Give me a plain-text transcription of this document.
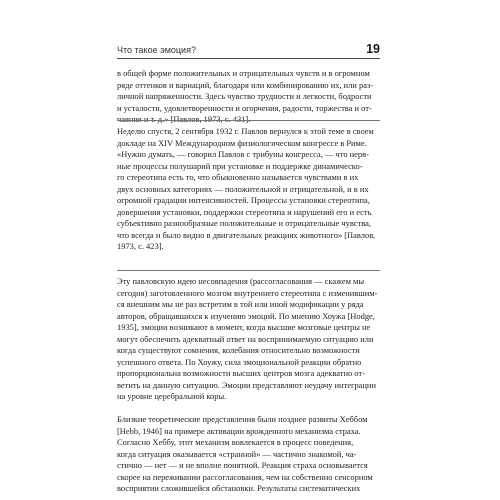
Что такое эмоция?	19
в общей форме положительных и отрицательных чувств и в огромном
ряде оттенков и вариаций, благодаря или комбинированию их, или раз-
личной напряженности. Здесь чувство трудности и легкости, бодрости
и усталости, удовлетворенности и огорчения, радости, торжества и от-
чаяния и т. д.» [Павлов, 1973, с. 431].
Неделю спустя, 2 сентября 1932 г. Павлов вернулся к этой теме в своем
докладе на XIV Международном физиологическом конгрессе в Риме.
«Нужно думать, — говорил Павлов с трибуны конгресса, — что нерв-
ные процессы полушарий при установке и поддержке динамическо-
го стереотипа есть то, что обыкновенно называется чувствами в их
двух основных категориях — положительной и отрицательной, и в их
огромной градации интенсивностей. Процессы установки стереотипа,
довершения установки, поддержки стереотипа и нарушений его и есть
субъективно разнообразные положительные и отрицательные чувства,
что всегда и было видно в двигательных реакциях животного» [Павлов,
1973, с. 423].
Эту павловскую идею несовпадения (рассогласования — скажем мы
сегодня) заготовленного мозгом внутреннего стереотипа с изменившим-
ся внешним мы не раз встретим в той или иной модификации у ряда
авторов, обращавшихся к изучению эмоций. По мнению Хоужа [Hodge,
1935], эмоции возникают в момент, когда высшие мозговые центры не
могут обеспечить адекватный ответ на воспринимаемую ситуацию или
когда существуют сомнения, колебания относительно возможности
успешного ответа. По Хоужу, сила эмоциональной реакции обратно
пропорциональна возможности высших центров мозга адекватно от-
ветить на данную ситуацию. Эмоции представляют неудачу интеграции
на уровне церебральной коры.
Близкие теоретические представления были позднее развиты Хеббом
[Hebb, 1946] на примере активации врожденного механизма страха.
Согласно Хеббу, этот механизм вовлекается в процесс поведения,
когда ситуация оказывается «странной» — частично знакомой, ча-
стично — нет — и не вполне понятной. Реакция страха основывается
скорее на переживании рассогласования, чем на собственно сенсорном
восприятии сложившейся обстановки. Результаты систематических
